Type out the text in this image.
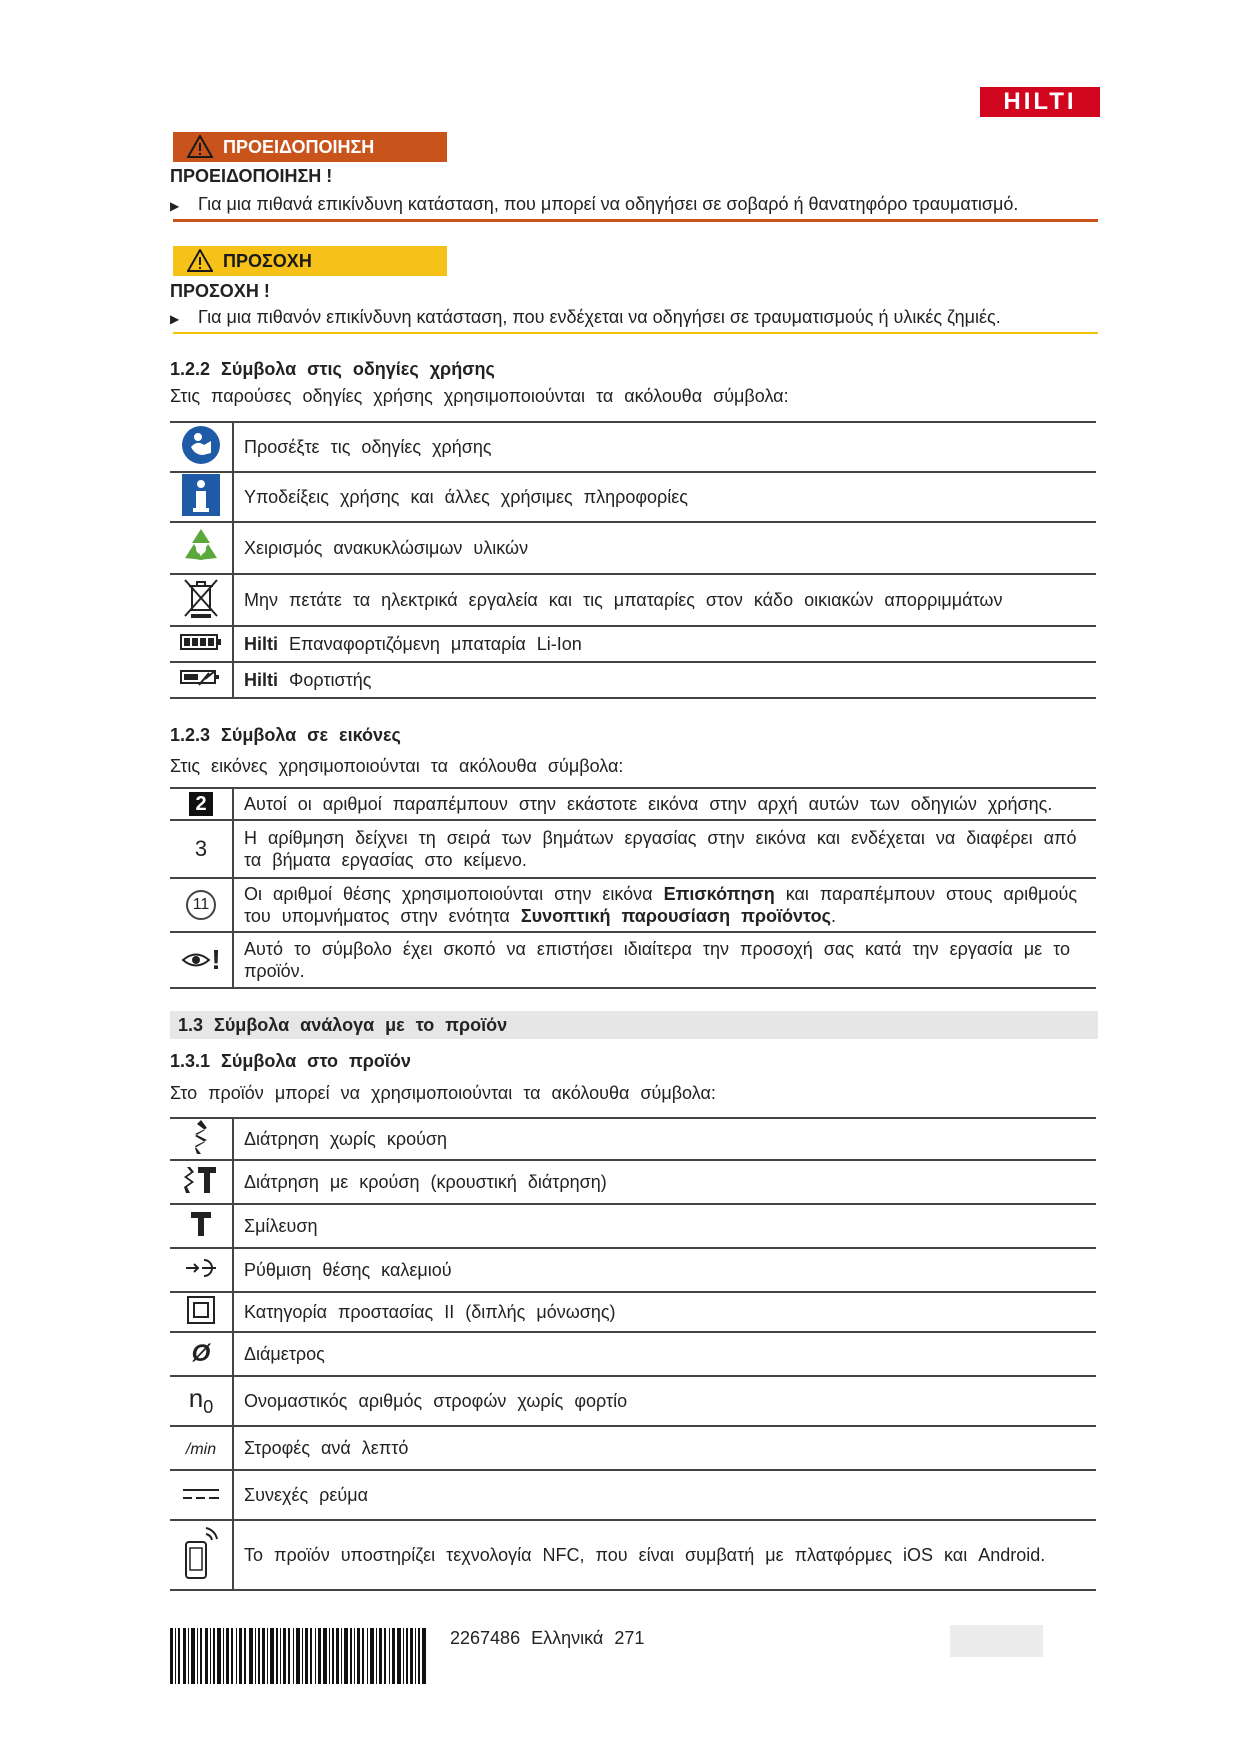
HILTI
ΠΡΟΕΙΔΟΠΟΙΗΣΗ
ΠΡΟΕΙΔΟΠΟΙΗΣΗ !
▶ Για μια πιθανά επικίνδυνη κατάσταση, που μπορεί να οδηγήσει σε σοβαρό ή θανατηφόρο τραυματισμό.
ΠΡΟΣΟΧΗ
ΠΡΟΣΟΧΗ !
▶ Για μια πιθανόν επικίνδυνη κατάσταση, που ενδέχεται να οδηγήσει σε τραυματισμούς ή υλικές ζημιές.
1.2.2 Σύμβολα στις οδηγίες χρήσης
Στις παρούσες οδηγίες χρήσης χρησιμοποιούνται τα ακόλουθα σύμβολα:
	Προσέξτε τις οδηγίες χρήσης
	Υποδείξεις χρήσης και άλλες χρήσιμες πληροφορίες
	Χειρισμός ανακυκλώσιμων υλικών
	Μην πετάτε τα ηλεκτρικά εργαλεία και τις μπαταρίες στον κάδο οικιακών απορριμμάτων
	Hilti Επαναφορτιζόμενη μπαταρία Li-Ion
	Hilti Φορτιστής
1.2.3 Σύμβολα σε εικόνες
Στις εικόνες χρησιμοποιούνται τα ακόλουθα σύμβολα:
2	Αυτοί οι αριθμοί παραπέμπουν στην εκάστοτε εικόνα στην αρχή αυτών των οδηγιών χρήσης.
3	Η αρίθμηση δείχνει τη σειρά των βημάτων εργασίας στην εικόνα και ενδέχεται να διαφέρει από τα βήματα εργασίας στο κείμενο.
11	Οι αριθμοί θέσης χρησιμοποιούνται στην εικόνα Επισκόπηση και παραπέμπουν στους αριθμούς του υπομνήματος στην ενότητα Συνοπτική παρουσίαση προϊόντος.
!	Αυτό το σύμβολο έχει σκοπό να επιστήσει ιδιαίτερα την προσοχή σας κατά την εργασία με το προϊόν.
1.3 Σύμβολα ανάλογα με το προϊόν
1.3.1 Σύμβολα στο προϊόν
Στο προϊόν μπορεί να χρησιμοποιούνται τα ακόλουθα σύμβολα:
	Διάτρηση χωρίς κρούση
	Διάτρηση με κρούση (κρουστική διάτρηση)
	Σμίλευση
	Ρύθμιση θέσης καλεμιού
	Κατηγορία προστασίας II (διπλής μόνωσης)
Ø	Διάμετρος
$n_0$	Ονομαστικός αριθμός στροφών χωρίς φορτίο
/min	Στροφές ανά λεπτό
	Συνεχές ρεύμα
	Το προϊόν υποστηρίζει τεχνολογία NFC, που είναι συμβατή με πλατφόρμες iOS και Android.
2267486 Ελληνικά 271
